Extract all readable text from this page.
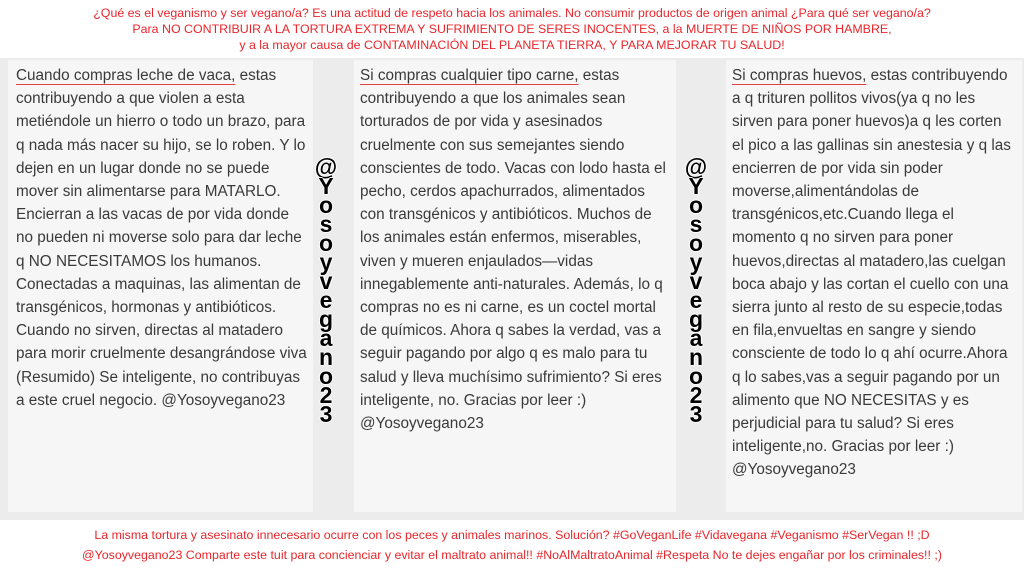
¿Qué es el veganismo y ser vegano/a? Es una actitud de respeto hacia los animales. No consumir productos de origen animal ¿Para qué ser vegano/a?
Para NO CONTRIBUIR A LA TORTURA EXTREMA Y SUFRIMIENTO DE SERES INOCENTES, a la MUERTE DE NIÑOS POR HAMBRE,
y a la mayor causa de CONTAMINACIÓN DEL PLANETA TIERRA, Y PARA MEJORAR TU SALUD!
Cuando compras leche de vaca, estas contribuyendo a que violen a esta metiéndole un hierro o todo un brazo, para q nada más nacer su hijo, se lo roben. Y lo dejen en un lugar donde no se puede mover sin alimentarse para MATARLO. Encierran a las vacas de por vida donde no pueden ni moverse solo para dar leche q NO NECESITAMOS los humanos. Conectadas a maquinas, las alimentan de transgénicos, hormonas y antibióticos. Cuando no sirven, directas al matadero para morir cruelmente desangrándose viva (Resumido) Se inteligente, no contribuyas a este cruel negocio. @Yosoyvegano23
@
Y
o
s
o
y
v
e
g
a
n
o
2
3
Si compras cualquier tipo carne, estas contribuyendo a que los animales sean torturados de por vida y asesinados cruelmente con sus semejantes siendo conscientes de todo. Vacas con lodo hasta el pecho, cerdos apachurrados, alimentados con transgénicos y antibióticos. Muchos de los animales están enfermos, miserables, viven y mueren enjaulados—vidas innegablemente anti-naturales. Además, lo q compras no es ni carne, es un coctel mortal de químicos. Ahora q sabes la verdad, vas a seguir pagando por algo q es malo para tu salud y lleva muchísimo sufrimiento? Si eres inteligente, no. Gracias por leer :) @Yosoyvegano23
@
Y
o
s
o
y
v
e
g
a
n
o
2
3
Si compras huevos, estas contribuyendo a q trituren pollitos vivos(ya q no les sirven para poner huevos)a q les corten el pico a las gallinas sin anestesia y q las encierren de por vida sin poder moverse,alimentándolas de transgénicos,etc.Cuando llega el momento q no sirven para poner huevos,directas al matadero,las cuelgan boca abajo y las cortan el cuello con una sierra junto al resto de su especie,todas en fila,envueltas en sangre y siendo consciente de todo lo q ahí ocurre.Ahora q lo sabes,vas a seguir pagando por un alimento que NO NECESITAS y es perjudicial para tu salud? Si eres inteligente,no. Gracias por leer :) @Yosoyvegano23
La misma tortura y asesinato innecesario ocurre con los peces y animales marinos. Solución? #GoVeganLife #Vidavegana #Veganismo #SerVegan !! ;D
@Yosoyvegano23 Comparte este tuit para concienciar y evitar el maltrato animal!! #NoAlMaltratoAnimal #Respeta No te dejes engañar por los criminales!! ;)
